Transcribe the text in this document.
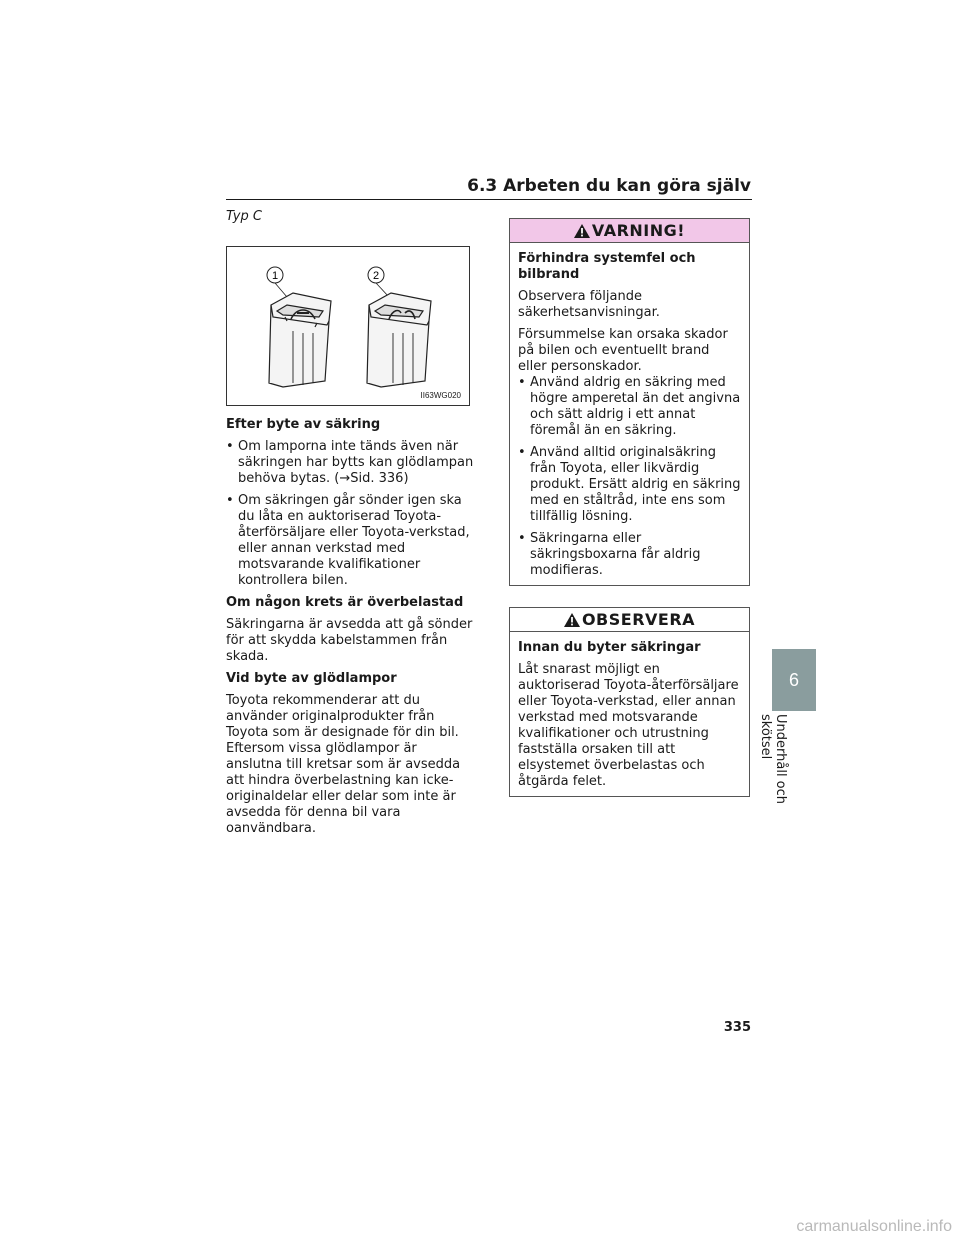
6.3 Arbeten du kan göra själv
Typ C
1	2
II63WG020

Efter byte av säkring

• Om lamporna inte tänds även när säkringen har bytts kan glödlampan behöva bytas. (→Sid. 336)
• Om säkringen går sönder igen ska du låta en auktoriserad Toyota-återförsäljare eller Toyota-verkstad, eller annan verkstad med motsvarande kvalifikationer kontrollera bilen.

Om någon krets är överbelastad

Säkringarna är avsedda att gå sönder för att skydda kabelstammen från skada.

Vid byte av glödlampor

Toyota rekommenderar att du använder originalprodukter från Toyota som är designade för din bil. Eftersom vissa glödlampor är anslutna till kretsar som är avsedda att hindra överbelastning kan icke-originaldelar eller delar som inte är avsedda för denna bil vara oanvändbara.

VARNING!

Förhindra systemfel och bilbrand

Observera följande säkerhetsanvisningar.

Försummelse kan orsaka skador på bilen och eventuellt brand eller personskador.

• Använd aldrig en säkring med högre amperetal än det angivna och sätt aldrig i ett annat föremål än en säkring.
• Använd alltid originalsäkring från Toyota, eller likvärdig produkt. Ersätt aldrig en säkring med en ståltråd, inte ens som tillfällig lösning.
• Säkringarna eller säkringsboxarna får aldrig modifieras.
OBSERVERA

Innan du byter säkringar

Låt snarast möjligt en auktoriserad Toyota-återförsäljare eller Toyota-verkstad, eller annan verkstad med motsvarande kvalifikationer och utrustning fastställa orsaken till att elsystemet överbelastas och åtgärda felet.

6
Underhåll och skötsel
335
carmanualsonline.info
